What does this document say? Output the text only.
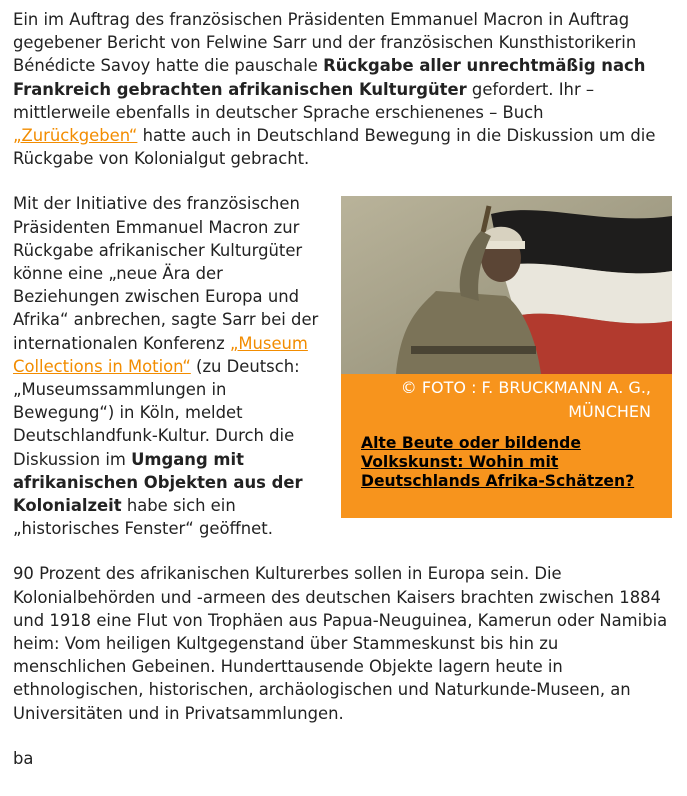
Ein im Auftrag des französischen Präsidenten Emmanuel Macron in Auftrag gegebener Bericht von Felwine Sarr und der französischen Kunsthistorikerin Bénédicte Savoy hatte die pauschale Rückgabe aller unrechtmäßig nach Frankreich gebrachten afrikanischen Kulturgüter gefordert. Ihr – mittlerweile ebenfalls in deutscher Sprache erschienenes – Buch „Zurückgeben“ hatte auch in Deutschland Bewegung in die Diskussion um die Rückgabe von Kolonialgut gebracht.

Mit der Initiative des französischen Präsidenten Emmanuel Macron zur Rückgabe afrikanischer Kulturgüter könne eine „neue Ära der Beziehungen zwischen Europa und Afrika“ anbrechen, sagte Sarr bei der internationalen Konferenz „Museum Collections in Motion“ (zu Deutsch: „Museumssammlungen in Bewegung“) in Köln, meldet Deutschlandfunk-Kultur. Durch die Diskussion im Umgang mit afrikanischen Objekten aus der Kolonialzeit habe sich ein „historisches Fenster“ geöffnet.

90 Prozent des afrikanischen Kulturerbes sollen in Europa sein. Die Kolonialbehörden und -armeen des deutschen Kaisers brachten zwischen 1884 und 1918 eine Flut von Trophäen aus Papua-Neuguinea, Kamerun oder Namibia heim: Vom heiligen Kultgegenstand über Stammeskunst bis hin zu menschlichen Gebeinen. Hunderttausende Objekte lagern heute in ethnologischen, historischen, archäologischen und Naturkunde-Museen, an Universitäten und in Privatsammlungen.

ba

© FOTO : F. BRUCKMANN A. G., MÜNCHEN
Alte Beute oder bildende Volkskunst: Wohin mit Deutschlands Afrika-Schätzen?
